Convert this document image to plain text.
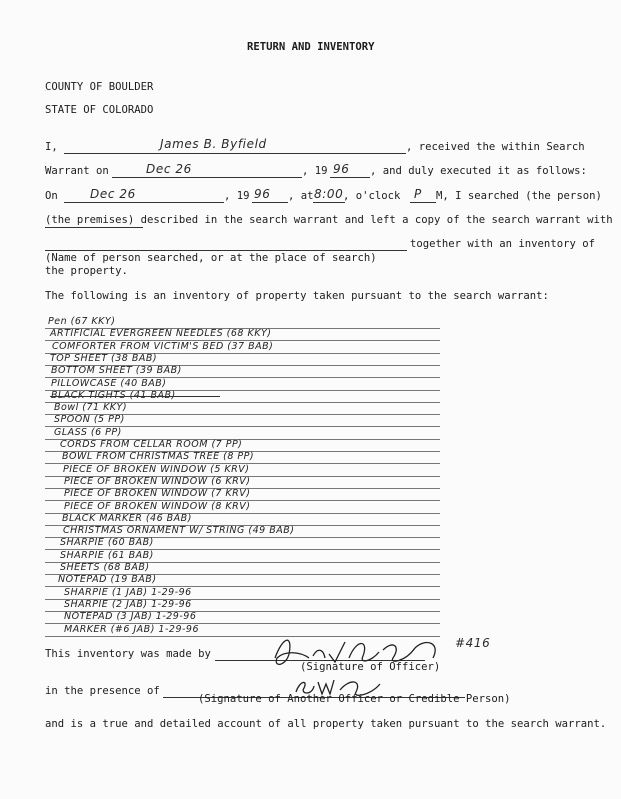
RETURN AND INVENTORY
COUNTY OF BOULDER
STATE OF COLORADO
I,	James B. Byfield	, received the within Search
Warrant on	Dec 26	, 19 96 , and duly executed it as follows:
On	Dec 26	, 19 96 , at 8:00 , o'clock P M, I searched (the person)
(the premises) described in the search warrant and left a copy of the search warrant with
together with an inventory of
(Name of person searched, or at the place of search)
the property.
The following is an inventory of property taken pursuant to the search warrant:
Pen (67 KKY)
ARTIFICIAL EVERGREEN NEEDLES (68 KKY)
COMFORTER FROM VICTIM'S BED (37 BAB)
TOP SHEET (38 BAB)
BOTTOM SHEET (39 BAB)
PILLOWCASE (40 BAB)
BLACK TIGHTS (41 BAB)
Bowl (71 KKY)
SPOON (5 PP)
GLASS (6 PP)
CORDS FROM CELLAR ROOM (7 PP)
BOWL FROM CHRISTMAS TREE (8 PP)
PIECE OF BROKEN WINDOW (5 KRV)
PIECE OF BROKEN WINDOW (6 KRV)
PIECE OF BROKEN WINDOW (7 KRV)
PIECE OF BROKEN WINDOW (8 KRV)
BLACK MARKER (46 BAB)
CHRISTMAS ORNAMENT W/ STRING (49 BAB)
SHARPIE (60 BAB)
SHARPIE (61 BAB)
SHEETS (68 BAB)
NOTEPAD (19 BAB)
SHARPIE (1 JAB) 1-29-96
SHARPIE (2 JAB) 1-29-96
NOTEPAD (3 JAB) 1-29-96
MARKER (#6 JAB) 1-29-96
This inventory was made by
#416
(Signature of Officer)
in the presence of
(Signature of Another Officer or Credible Person)
and is a true and detailed account of all property taken pursuant to the search warrant.
